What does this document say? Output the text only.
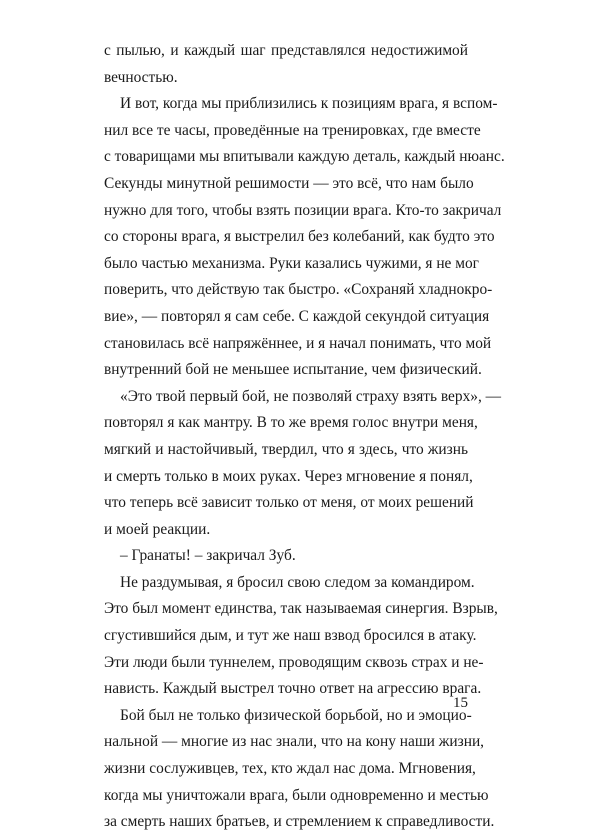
с пылью, и каждый шаг представлялся недостижимой
вечностью.
И вот, когда мы приблизились к позициям врага, я вспом-
нил все те часы, проведённые на тренировках, где вместе
с товарищами мы впитывали каждую деталь, каждый нюанс.
Секунды минутной решимости — это всё, что нам было
нужно для того, чтобы взять позиции врага. Кто-то закричал
со стороны врага, я выстрелил без колебаний, как будто это
было частью механизма. Руки казались чужими, я не мог
поверить, что действую так быстро. «Сохраняй хладнокро-
вие», — повторял я сам себе. С каждой секундой ситуация
становилась всё напряжённее, и я начал понимать, что мой
внутренний бой не меньшее испытание, чем физический.
«Это твой первый бой, не позволяй страху взять верх», —
повторял я как мантру. В то же время голос внутри меня,
мягкий и настойчивый, твердил, что я здесь, что жизнь
и смерть только в моих руках. Через мгновение я понял,
что теперь всё зависит только от меня, от моих решений
и моей реакции.
– Гранаты! – закричал Зуб.
Не раздумывая, я бросил свою следом за командиром.
Это был момент единства, так называемая синергия. Взрыв,
сгустившийся дым, и тут же наш взвод бросился в атаку.
Эти люди были туннелем, проводящим сквозь страх и не-
нависть. Каждый выстрел точно ответ на агрессию врага.
Бой был не только физической борьбой, но и эмоцио-
нальной — многие из нас знали, что на кону наши жизни,
жизни сослуживцев, тех, кто ждал нас дома. Мгновения,
когда мы уничтожали врага, были одновременно и местью
за смерть наших братьев, и стремлением к справедливости.
15
